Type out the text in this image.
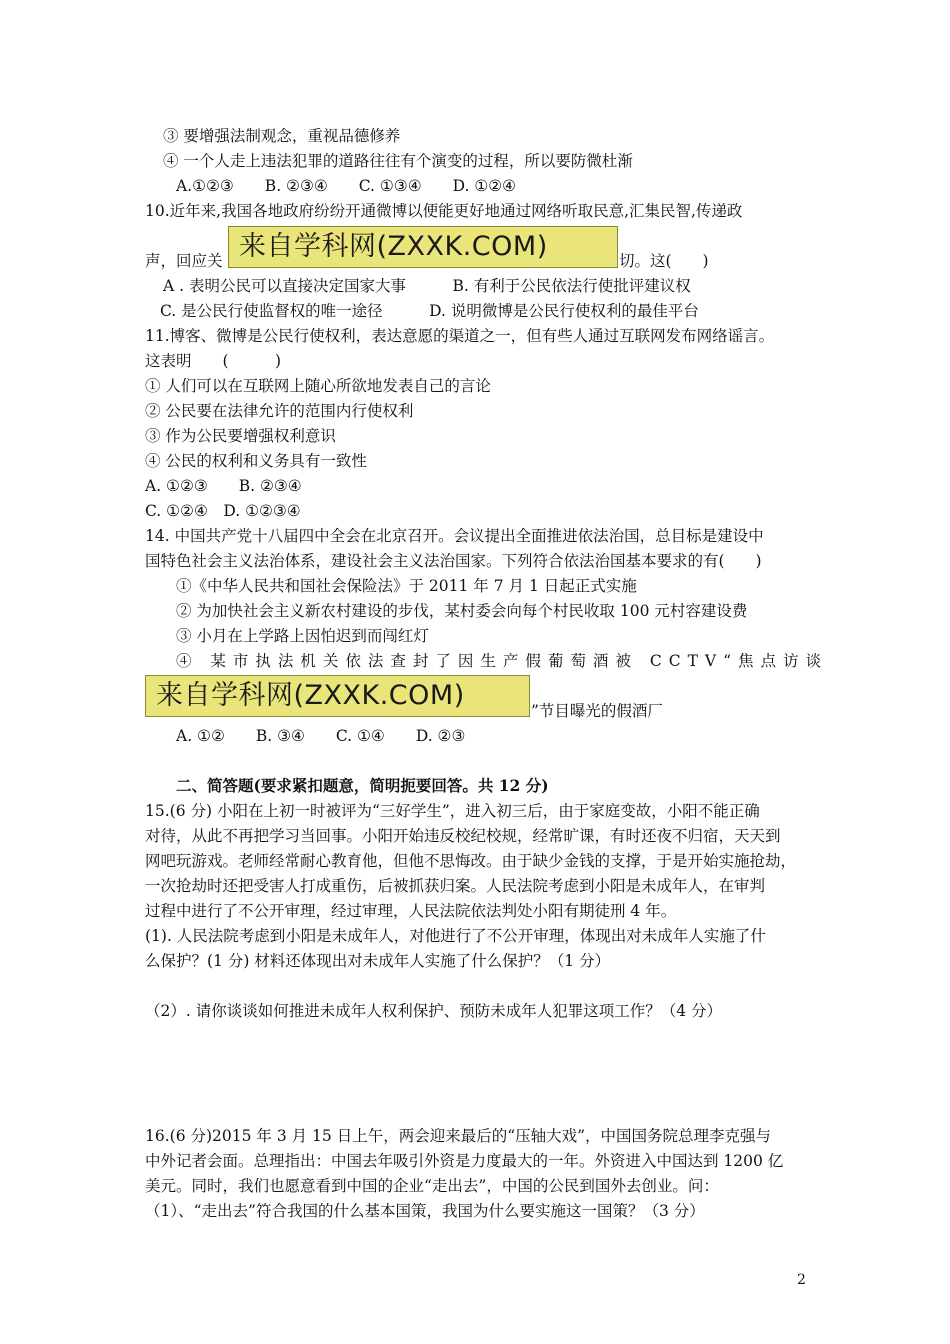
③ 要增强法制观念，重视品德修养
④ 一个人走上违法犯罪的道路往往有个演变的过程，所以要防微杜渐
A.①②③　　B. ②③④　　C. ①③④　　D. ①②④
10.近年来,我国各地政府纷纷开通微博以便能更好地通过网络听取民意,汇集民智,传递政
声，回应关 来自学科网(ZXXK.COM)	切。这(　　)
A . 表明公民可以直接决定国家大事　　　B. 有利于公民依法行使批评建议权
C. 是公民行使监督权的唯一途径　　　D. 说明微博是公民行使权利的最佳平台
11.博客、微博是公民行使权利，表达意愿的渠道之一，但有些人通过互联网发布网络谣言。
这表明　　(　　　)
① 人们可以在互联网上随心所欲地发表自己的言论
② 公民要在法律允许的范围内行使权利
③ 作为公民要增强权利意识
④ 公民的权利和义务具有一致性
A. ①②③　　B. ②③④
C. ①②④　D. ①②③④
14. 中国共产党十八届四中全会在北京召开。会议提出全面推进依法治国，总目标是建设中
国特色社会主义法治体系，建设社会主义法治国家。下列符合依法治国基本要求的有(　　)
①《中华人民共和国社会保险法》于 2011 年 7 月 1 日起正式实施
② 为加快社会主义新农村建设的步伐，某村委会向每个村民收取 100 元村容建设费
③ 小月在上学路上因怕迟到而闯红灯
④ 某市执法机关依法查封了因生产假葡萄酒被 CCTV“焦点访谈
来自学科网(ZXXK.COM)	”节目曝光的假酒厂
A. ①②　　B. ③④　　C. ①④　　D. ②③
二、简答题(要求紧扣题意，简明扼要回答。共 12 分)
15.(6 分) 小阳在上初一时被评为“三好学生”，进入初三后，由于家庭变故，小阳不能正确
对待，从此不再把学习当回事。小阳开始违反校纪校规，经常旷课，有时还夜不归宿，天天到
网吧玩游戏。老师经常耐心教育他，但他不思悔改。由于缺少金钱的支撑，于是开始实施抢劫，
一次抢劫时还把受害人打成重伤，后被抓获归案。人民法院考虑到小阳是未成年人，在审判
过程中进行了不公开审理，经过审理，人民法院依法判处小阳有期徒刑 4 年。
(1). 人民法院考虑到小阳是未成年人，对他进行了不公开审理，体现出对未成年人实施了什
么保护？(1 分) 材料还体现出对未成年人实施了什么保护？（1 分）
（2）. 请你谈谈如何推进未成年人权利保护、预防未成年人犯罪这项工作？（4 分）
16.(6 分)2015 年 3 月 15 日上午，两会迎来最后的“压轴大戏”，中国国务院总理李克强与
中外记者会面。总理指出：中国去年吸引外资是力度最大的一年。外资进入中国达到 1200 亿
美元。同时，我们也愿意看到中国的企业“走出去”，中国的公民到国外去创业。问：
（1）、“走出去”符合我国的什么基本国策，我国为什么要实施这一国策？（3 分）
2
